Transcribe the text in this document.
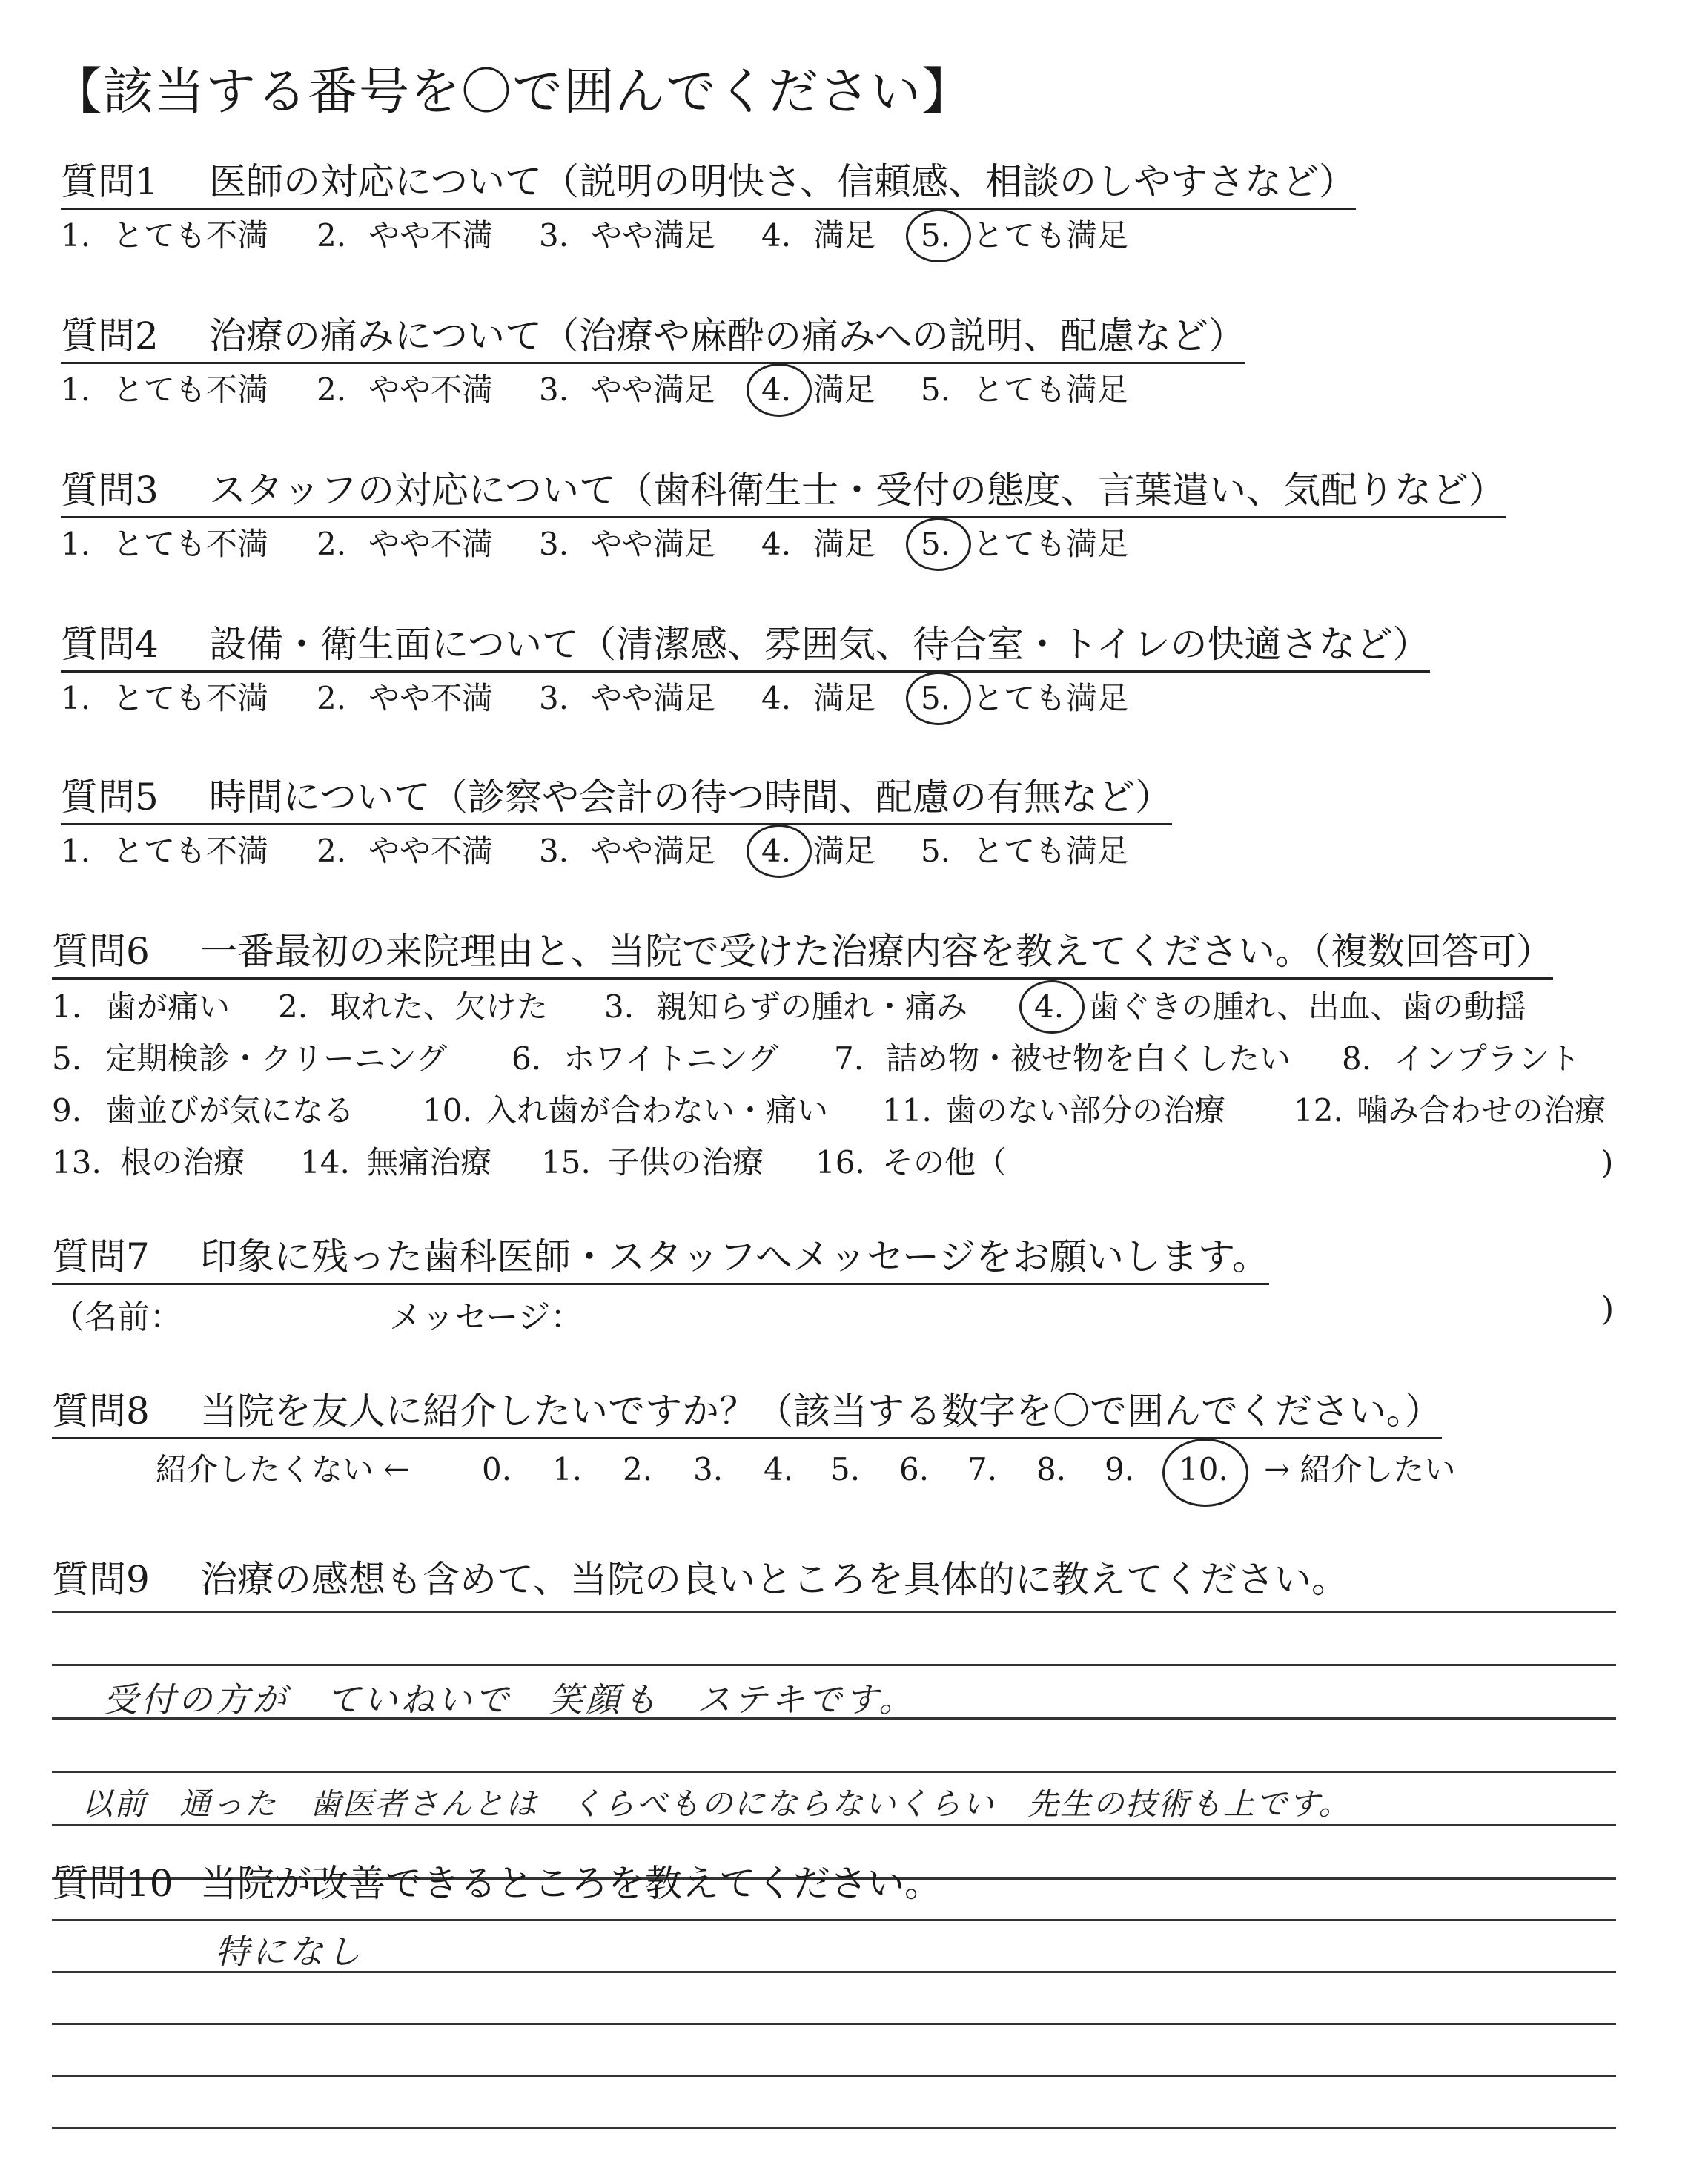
【該当する番号を〇で囲んでください】
質問1 医師の対応について（説明の明快さ、信頼感、相談のしやすさなど）
1. とても不満 2. やや不満 3. やや満足 4. 満足 5. とても満足
質問2 治療の痛みについて（治療や麻酔の痛みへの説明、配慮など）
1. とても不満 2. やや不満 3. やや満足 4. 満足 5. とても満足
質問3 スタッフの対応について（歯科衛生士・受付の態度、言葉遣い、気配りなど）
1. とても不満 2. やや不満 3. やや満足 4. 満足 5. とても満足
質問4 設備・衛生面について（清潔感、雰囲気、待合室・トイレの快適さなど）
1. とても不満 2. やや不満 3. やや満足 4. 満足 5. とても満足
質問5 時間について（診察や会計の待つ時間、配慮の有無など）
1. とても不満 2. やや不満 3. やや満足 4. 満足 5. とても満足
質問6 一番最初の来院理由と、当院で受けた治療内容を教えてください。（複数回答可）
1. 歯が痛い 2. 取れた、欠けた 3. 親知らずの腫れ・痛み 4. 歯ぐきの腫れ、出血、歯の動揺
5. 定期検診・クリーニング 6. ホワイトニング 7. 詰め物・被せ物を白くしたい 8. インプラント
9. 歯並びが気になる 10. 入れ歯が合わない・痛い 11. 歯のない部分の治療 12. 噛み合わせの治療
13. 根の治療 14. 無痛治療 15. 子供の治療 16. その他（	)
質問7 印象に残った歯科医師・スタッフへメッセージをお願いします。
（名前：	メッセージ：	)
質問8 当院を友人に紹介したいですか？（該当する数字を〇で囲んでください。）
紹介したくない ← 0. 1. 2. 3. 4. 5. 6. 7. 8. 9. 10. → 紹介したい
質問9 治療の感想も含めて、当院の良いところを具体的に教えてください。
受付の方が　ていねいで　笑顔も　ステキです。
以前　通った　歯医者さんとは　くらべものにならないくらい　先生の技術も上です。
質問10 当院が改善できるところを教えてください。
特になし
